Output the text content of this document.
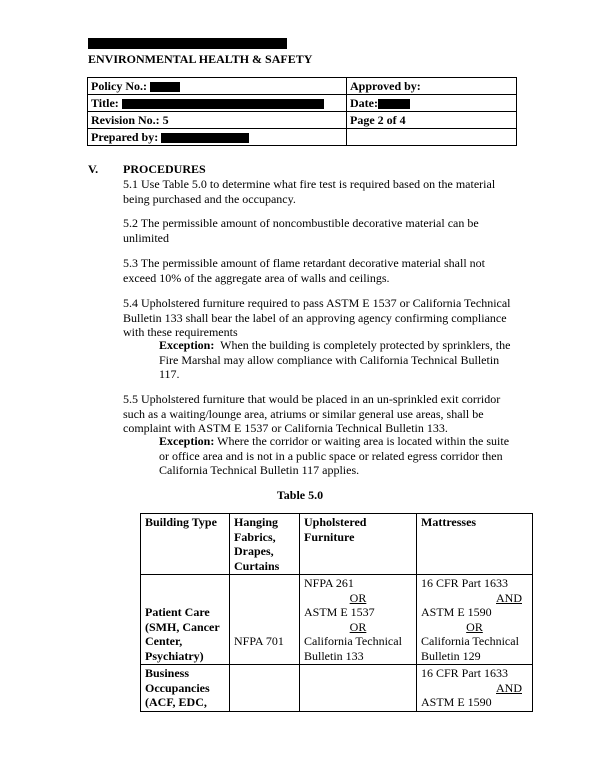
ENVIRONMENTAL HEALTH & SAFETY
Policy No.:	Approved by:
Title:	Date:
Revision No.: 5	Page 2 of 4
Prepared by:	
V. PROCEDURES
5.1 Use Table 5.0 to determine what fire test is required based on the material being purchased and the occupancy.
5.2 The permissible amount of noncombustible decorative material can be unlimited
5.3 The permissible amount of flame retardant decorative material shall not exceed 10% of the aggregate area of walls and ceilings.
5.4 Upholstered furniture required to pass ASTM E 1537 or California Technical Bulletin 133 shall bear the label of an approving agency confirming compliance with these requirements
Exception: When the building is completely protected by sprinklers, the Fire Marshal may allow compliance with California Technical Bulletin 117.
5.5 Upholstered furniture that would be placed in an un-sprinkled exit corridor such as a waiting/lounge area, atriums or similar general use areas, shall be complaint with ASTM E 1537 or California Technical Bulletin 133.
Exception: Where the corridor or waiting area is located within the suite or office area and is not in a public space or related egress corridor then California Technical Bulletin 117 applies.
Table 5.0
Building Type	Hanging Fabrics, Drapes, Curtains	Upholstered Furniture	Mattresses
Patient Care (SMH, Cancer Center, Psychiatry)	NFPA 701	NFPA 261
OR
ASTM E 1537
OR
California Technical Bulletin 133	16 CFR Part 1633
AND
ASTM E 1590
OR
California Technical Bulletin 129

Business Occupancies (ACF, EDC,			16 CFR Part 1633
AND
ASTM E 1590
